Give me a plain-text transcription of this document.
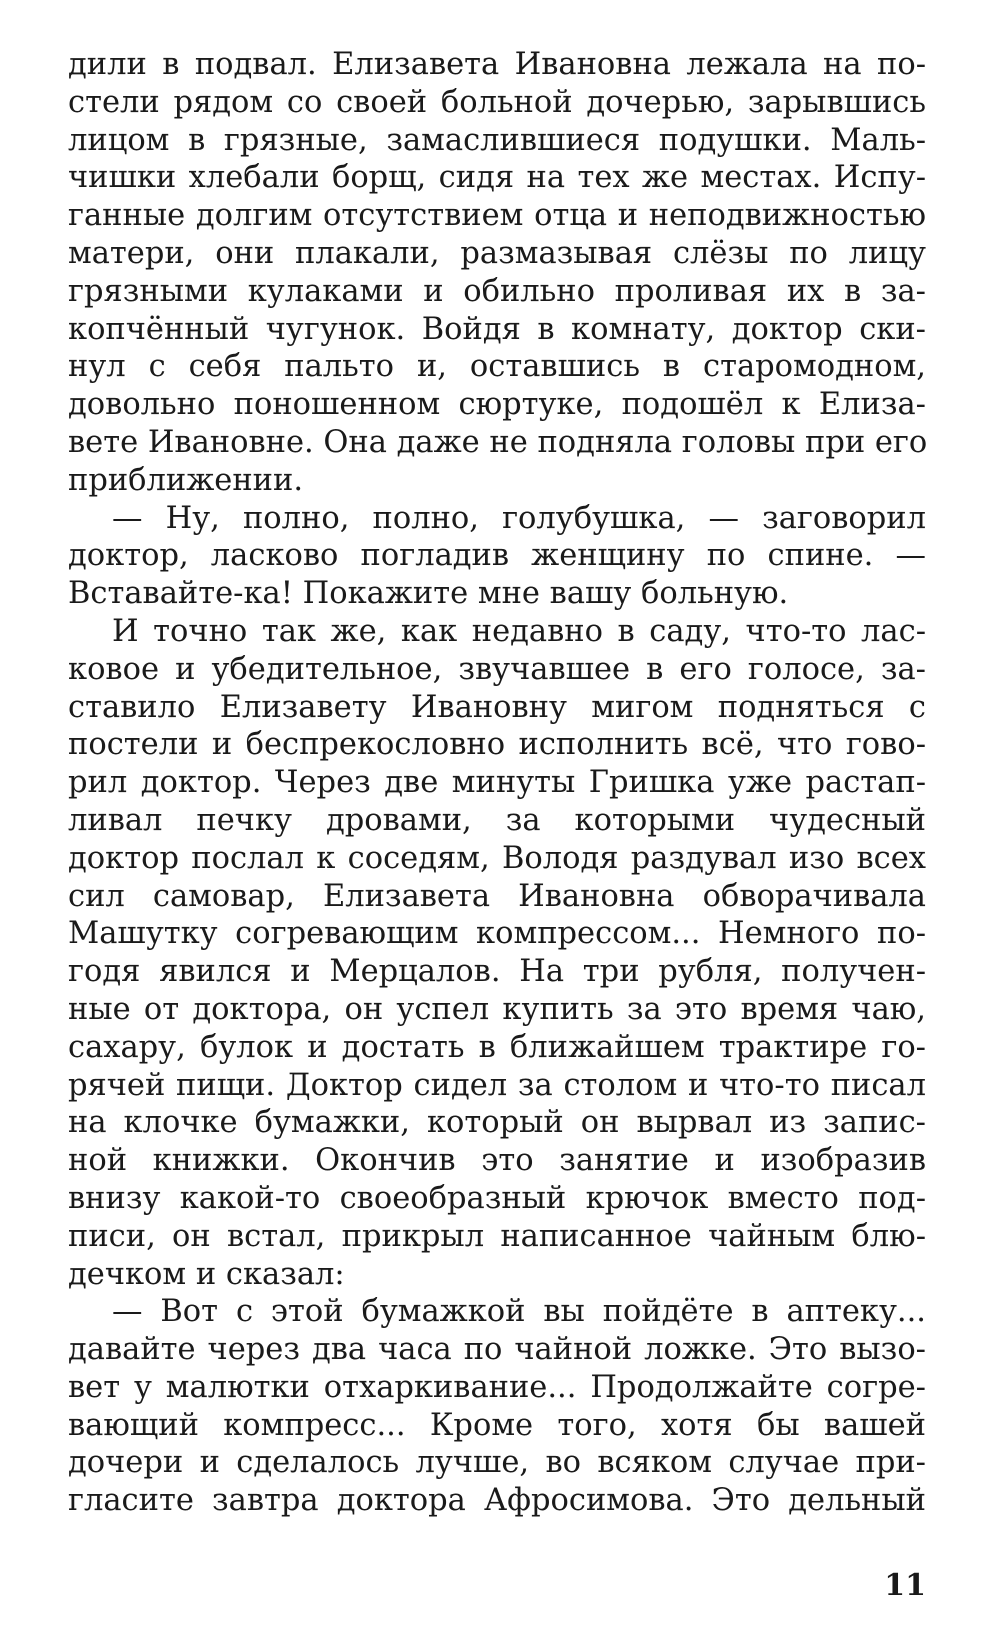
дили в подвал. Елизавета Ивановна лежала на по-
стели рядом со своей больной дочерью, зарывшись
лицом в грязные, замаслившиеся подушки. Маль-
чишки хлебали борщ, сидя на тех же местах. Испу-
ганные долгим отсутствием отца и неподвижностью
матери, они плакали, размазывая слёзы по лицу
грязными кулаками и обильно проливая их в за-
копчённый чугунок. Войдя в комнату, доктор ски-
нул с себя пальто и, оставшись в старомодном,
довольно поношенном сюртуке, подошёл к Елиза-
вете Ивановне. Она даже не подняла головы при его
приближении.

— Ну, полно, полно, голубушка, — заговорил
доктор, ласково погладив женщину по спине. —
Вставайте-ка! Покажите мне вашу больную.

И точно так же, как недавно в саду, что-то лас-
ковое и убедительное, звучавшее в его голосе, за-
ставило Елизавету Ивановну мигом подняться с
постели и беспрекословно исполнить всё, что гово-
рил доктор. Через две минуты Гришка уже растап-
ливал печку дровами, за которыми чудесный
доктор послал к соседям, Володя раздувал изо всех
сил самовар, Елизавета Ивановна обворачивала
Машутку согревающим компрессом... Немного по-
годя явился и Мерцалов. На три рубля, получен-
ные от доктора, он успел купить за это время чаю,
сахару, булок и достать в ближайшем трактире го-
рячей пищи. Доктор сидел за столом и что-то писал
на клочке бумажки, который он вырвал из запис-
ной книжки. Окончив это занятие и изобразив
внизу какой-то своеобразный крючок вместо под-
писи, он встал, прикрыл написанное чайным блю-
дечком и сказал:

— Вот с этой бумажкой вы пойдёте в аптеку...
давайте через два часа по чайной ложке. Это вызо-
вет у малютки отхаркивание... Продолжайте согре-
вающий компресс... Кроме того, хотя бы вашей
дочери и сделалось лучше, во всяком случае при-
гласите завтра доктора Афросимова. Это дельный

11
